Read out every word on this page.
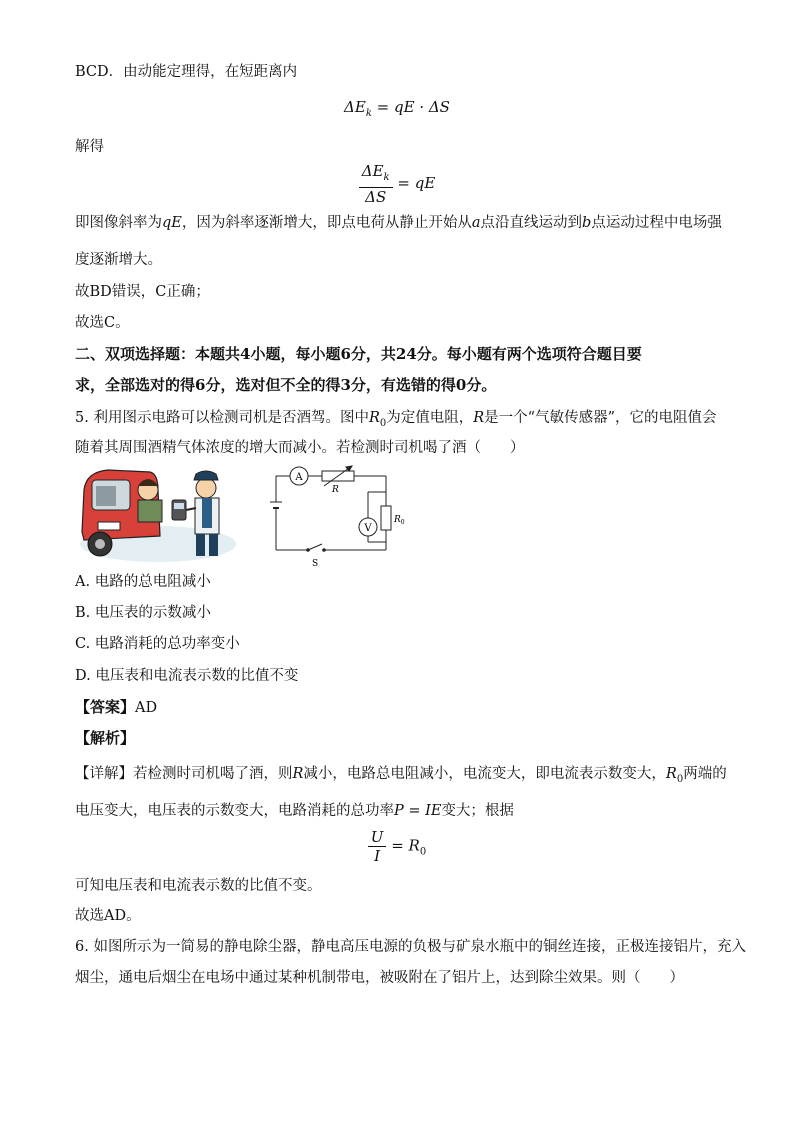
BCD．由动能定理得，在短距离内
$\Delta E_k$ = qE · ΔS
解得
$\frac{\Delta E_k}{\Delta S}$ = qE
即图像斜率为qE，因为斜率逐渐增大，即点电荷从静止开始从a点沿直线运动到b点运动过程中电场强
度逐渐增大。
故BD错误，C正确；
故选C。
二、双项选择题：本题共4小题，每小题6分，共24分。每小题有两个选项符合题目要
求，全部选对的得6分，选对但不全的得3分，有选错的得0分。
5. 利用图示电路可以检测司机是否酒驾。图中$R_0$为定值电阻，R是一个“气敏传感器”，它的电阻值会
随着其周围酒精气体浓度的增大而减小。若检测时司机喝了酒（　　）
A
V
R
$R_0$
S
A. 电路的总电阻减小
B. 电压表的示数减小
C. 电路消耗的总功率变小
D. 电压表和电流表示数的比值不变
【答案】AD
【解析】
【详解】若检测时司机喝了酒，则R减小，电路总电阻减小，电流变大，即电流表示数变大，$R_0$两端的
电压变大，电压表的示数变大，电路消耗的总功率P = IE变大；根据
$\frac{U}{I} = R_0$
可知电压表和电流表示数的比值不变。
故选AD。
6. 如图所示为一简易的静电除尘器，静电高压电源的负极与矿泉水瓶中的铜丝连接，正极连接铝片，充入
烟尘，通电后烟尘在电场中通过某种机制带电，被吸附在了铝片上，达到除尘效果。则（　　）
